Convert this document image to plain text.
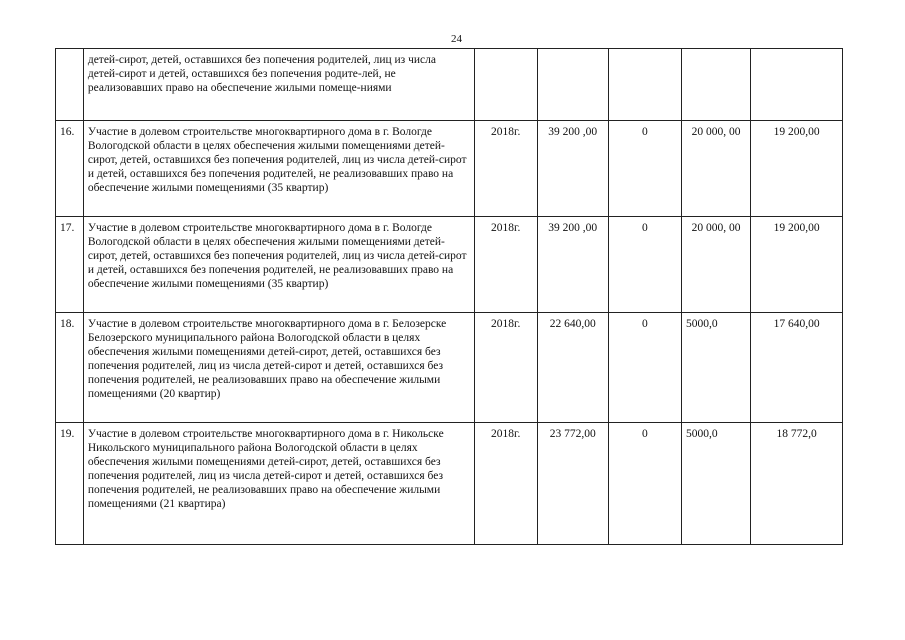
24
	детей-сирот, детей, оставшихся без попечения родителей, лиц из числа детей-сирот и детей, оставшихся без попечения родите-лей, не реализовавших право на обеспечение жилыми помеще-ниями					
16.	Участие в долевом строительстве многоквартирного дома в г. Вологде Вологодской области в целях обеспечения жилыми помещениями детей-сирот, детей, оставшихся без попечения родителей, лиц из числа детей-сирот и детей, оставшихся без попечения родителей, не реализовавших право на обеспечение жилыми помещениями (35 квартир)	2018г.	39 200 ,00	0	20 000, 00	19 200,00
17.	Участие в долевом строительстве многоквартирного дома в г. Вологде Вологодской области в целях обеспечения жилыми помещениями детей-сирот, детей, оставшихся без попечения родителей, лиц из числа детей-сирот и детей, оставшихся без попечения родителей, не реализовавших право на обеспечение жилыми помещениями (35 квартир)	2018г.	39 200 ,00	0	20 000, 00	19 200,00
18.	Участие в долевом строительстве многоквартирного дома в г. Белозерске Белозерского муниципального района Вологодской области в целях обеспечения жилыми помещениями детей-сирот, детей, оставшихся без попечения родителей, лиц из числа детей-сирот и детей, оставшихся без попечения родителей, не реализовавших право на обеспечение жилыми помещениями (20 квартир)	2018г.	22 640,00	0	5000,0	17 640,00
19.	Участие в долевом строительстве многоквартирного дома в г. Никольске Никольского муниципального района Вологодской области в целях обеспечения жилыми помещениями детей-сирот, детей, оставшихся без попечения родителей, лиц из числа детей-сирот и детей, оставшихся без попечения родителей, не реализовавших право на обеспечение жилыми помещениями (21 квартира)	2018г.	23 772,00	0	5000,0	18 772,0
